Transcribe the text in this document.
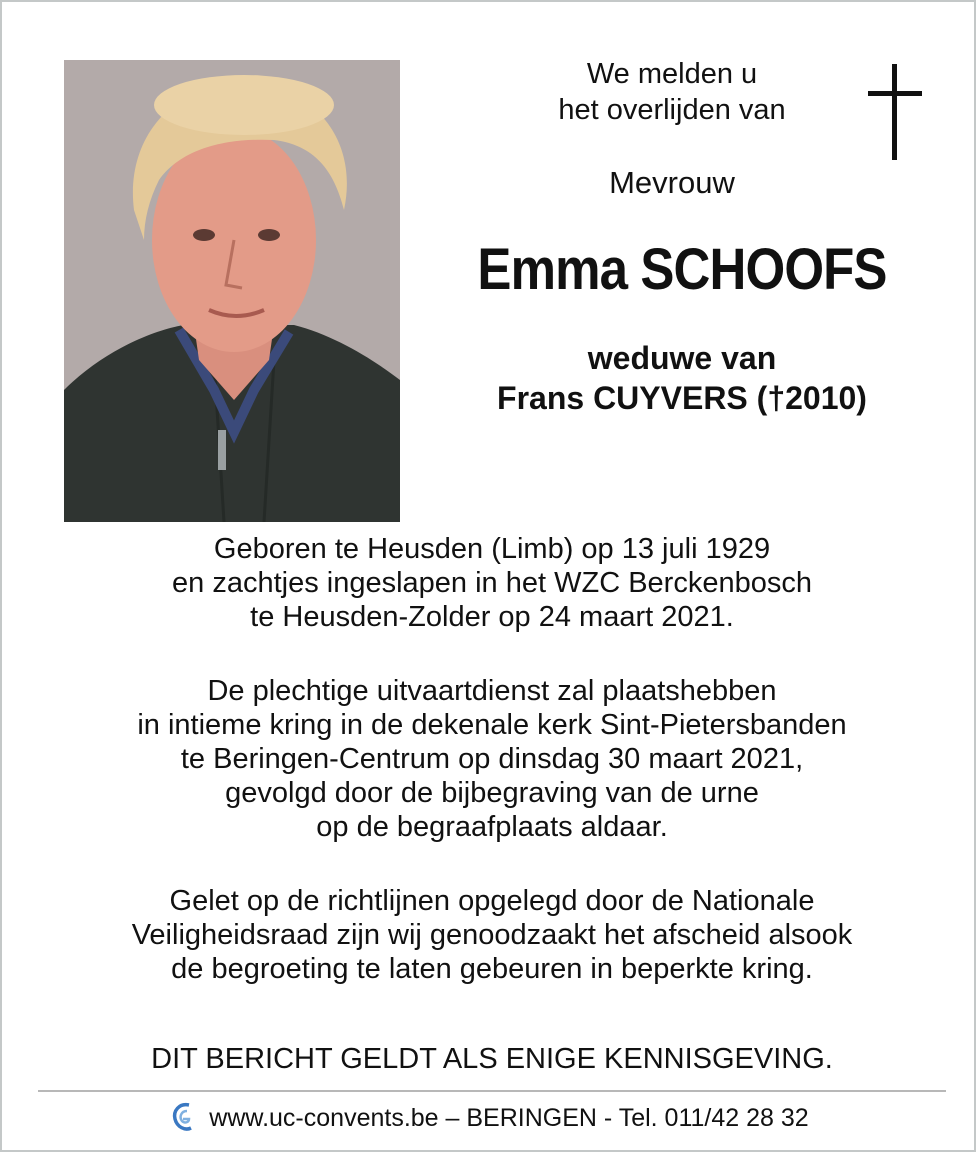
We melden u
het overlijden van
Mevrouw
Emma SCHOOFS
weduwe van
Frans CUYVERS (†2010)
Geboren te Heusden (Limb) op 13 juli 1929
en zachtjes ingeslapen in het WZC Berckenbosch
te Heusden-Zolder op 24 maart 2021.
De plechtige uitvaartdienst zal plaatshebben
in intieme kring in de dekenale kerk Sint-Pietersbanden
te Beringen-Centrum op dinsdag 30 maart 2021,
gevolgd door de bijbegraving van de urne
op de begraafplaats aldaar.
Gelet op de richtlijnen opgelegd door de Nationale
Veiligheidsraad zijn wij genoodzaakt het afscheid alsook
de begroeting te laten gebeuren in beperkte kring.
DIT BERICHT GELDT ALS ENIGE KENNISGEVING.
www.uc-convents.be – BERINGEN - Tel. 011/42 28 32
